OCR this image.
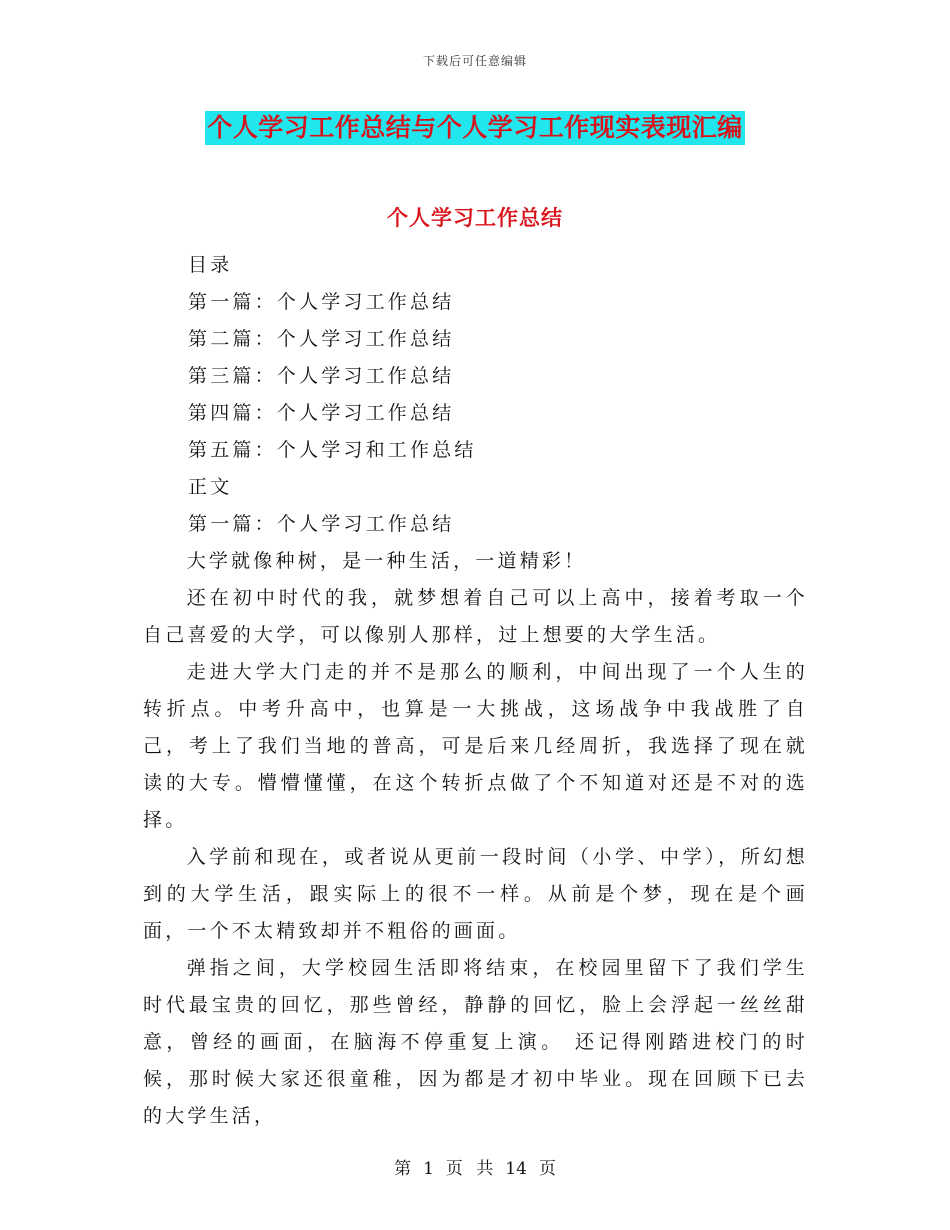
下载后可任意编辑
个人学习工作总结与个人学习工作现实表现汇编
个人学习工作总结

目录

第一篇：个人学习工作总结

第二篇：个人学习工作总结

第三篇：个人学习工作总结

第四篇：个人学习工作总结

第五篇：个人学习和工作总结

正文

第一篇：个人学习工作总结

大学就像种树，是一种生活，一道精彩！

还在初中时代的我，就梦想着自己可以上高中，接着考取一个自己喜爱的大学，可以像别人那样，过上想要的大学生活。

走进大学大门走的并不是那么的顺利，中间出现了一个人生的转折点。中考升高中，也算是一大挑战，这场战争中我战胜了自己，考上了我们当地的普高，可是后来几经周折，我选择了现在就读的大专。懵懵懂懂，在这个转折点做了个不知道对还是不对的选择。

入学前和现在，或者说从更前一段时间（小学、中学），所幻想到的大学生活，跟实际上的很不一样。从前是个梦，现在是个画面，一个不太精致却并不粗俗的画面。

弹指之间，大学校园生活即将结束，在校园里留下了我们学生时代最宝贵的回忆，那些曾经，静静的回忆，脸上会浮起一丝丝甜意，曾经的画面，在脑海不停重复上演。 还记得刚踏进校门的时候，那时候大家还很童稚，因为都是才初中毕业。现在回顾下已去的大学生活，

第 1 页 共 14 页
